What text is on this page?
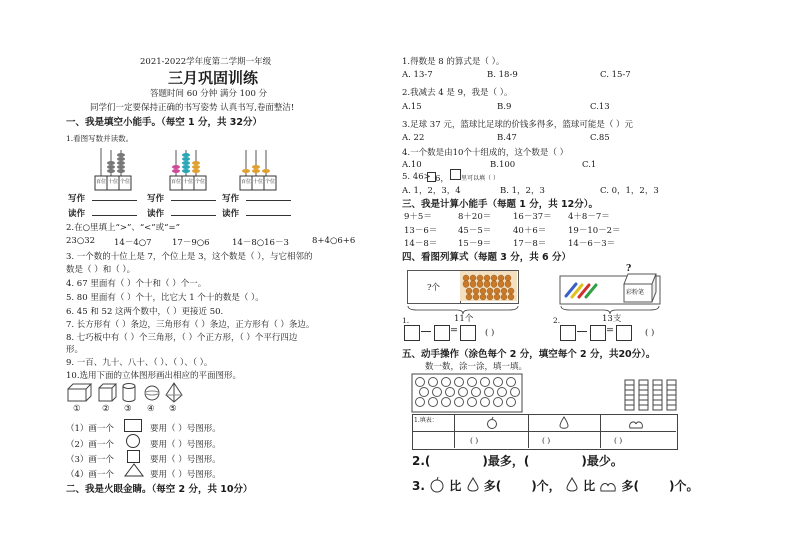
2021-2022学年度第二学期一年级
三月巩固训练
答题时间 60 分钟 满分 100 分
同学们一定要保持正确的书写姿势 认真书写,卷面整洁!
一、我是填空小能手。（每空 1 分，共 32分）
1.看图写数并读数。
百位 十位 个位	百位 十位 个位	百位 十位 个位
写作	写作	写作
读作	读作	读作
2.在○里填上“>”、“<”或“=”
23○32 14－4○7 17－9○6	14－8○16－3	8+4○6+6
3. 一个数的十位上是 7，个位上是 3，这个数是（ ），与它相邻的
数是（ ）和（ ）。
4. 67 里面有（ ）个十和（ ）个一。
5. 80 里面有（ ）个十，比它大 1 个十的数是（ ）。
6. 45 和 52 这两个数中，（ ）更接近 50.
7. 长方形有（ ）条边，三角形有（ ）条边，正方形有（ ）条边。
8. 七巧板中有（ ）个三角形，（ ）个正方形，（ ）个平行四边
形。
9. 一百、九十、八十、（ ）、（ ）、（ ）。
10.选用下面的立体图形画出相应的平面图形。
①	② ③ ④ ⑤
（1）画一个	要用（ ）号图形。
（2）画一个	要用（ ）号图形。
（3）画一个	要用（ ）号图形。
（4）画一个	要用（ ）号图形。
二、我是火眼金睛。（每空 2 分，共 10分）
1.得数是 8 的算式是（ ）。
A. 13-7	B. 18-9	C. 15-7
2.我减去 4 是 9，我是（ ）。
A.15	B.9	C.13
3.足球 37 元，篮球比足球的价钱多得多，篮球可能是（ ）元
A. 22	B.47	C.85
4.一个数是由10个十组成的，这个数是（ ）
A.10	B.100	C.1
5. 46> 6， 里可以填（ ）
A. 1，2，3，4	B. 1，2，3	C. 0，1，2，3
三、我是计算小能手（每题 1 分，共 12分）。
9＋5＝	8＋20＝	16－37＝ 4＋8－7＝
13－6＝ 45－5＝	40＋6＝	19－10－2＝
14－8＝ 15－9＝	17－8＝	14－6－3＝
四、看图列算式（每题 3 分，共 6 分）
?个
11个
?
彩粉笔
13支
1.
=	( )
2.
=	( )
五、动手操作（涂色每个 2 分，填空每个 2 分，共20分）。
数一数，涂一涂，填一填。
1.填表：
( )	( )	( )
2.(	)最多，(	)最少。
3. 比 多(	)个， 比 多(	)个。
